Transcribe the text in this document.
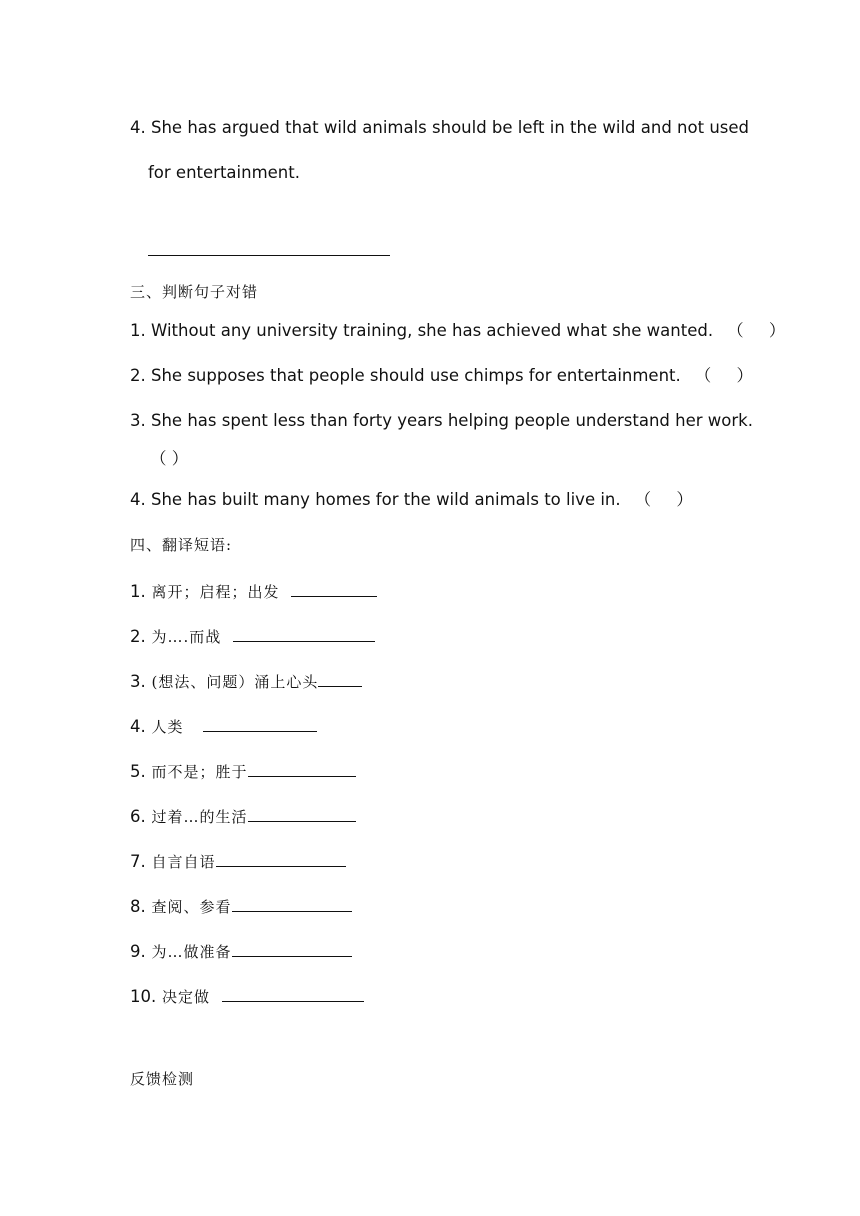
4. She has argued that wild animals should be left in the wild and not used
for entertainment.
三、判断句子对错
1. Without any university training, she has achieved what she wanted. （ ）
2. She supposes that people should use chimps for entertainment. （ ）
3. She has spent less than forty years helping people understand her work.
（ ）
4. She has built many homes for the wild animals to live in. （ ）
四、翻译短语:
1. 离开；启程；出发
2. 为….而战
3. (想法、问题）涌上心头
4. 人类
5. 而不是；胜于
6. 过着…的生活
7. 自言自语
8. 查阅、参看
9. 为…做准备
10. 决定做
反馈检测
